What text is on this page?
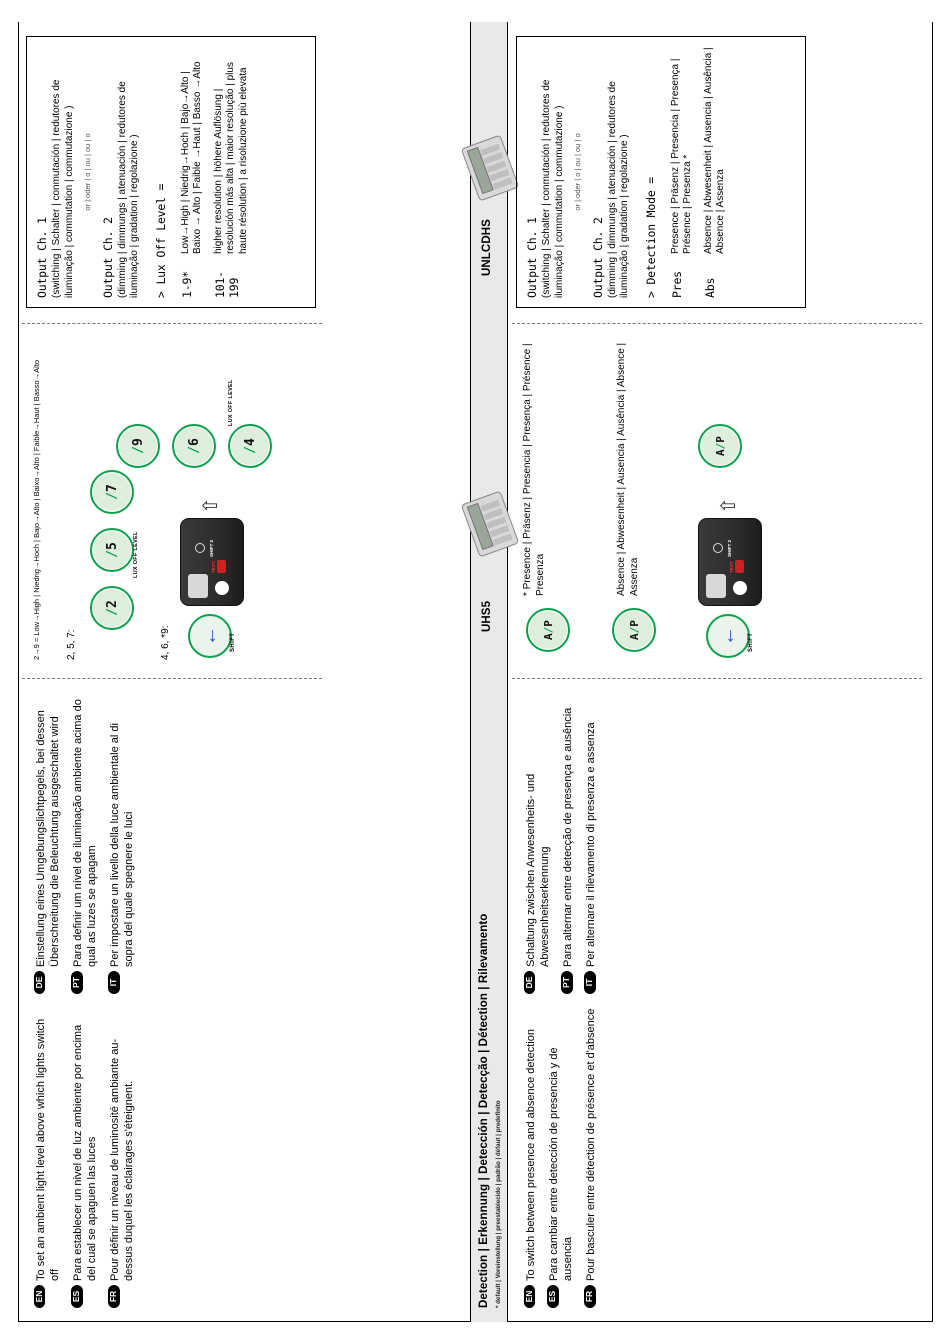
EN
To set an ambient light level above which lights switch off
ES
Para establecer un nivel de luz ambiente por encima del cual se apaguen las luces
FR
Pour définir un niveau de luminosité ambiante au-dessus duquel les éclairages s'éteignent.
DE
Einstellung eines Umgebungslichtpegels, bei dessen Überschreitung die Beleuchtung ausgeschaltet wird
PT
Para definir um nível de iluminação ambiente acima do qual as luzes se apagam
IT
Per impostare un livello della luce ambientale al di sopra del quale spegnere le luci
2→9 = Low→High | Niedrig→Hoch | Bajo→Alto | Baixo→Alto | Faible→Haut | Basso→Alto	2, 5, 7:
/
2
/
5
/
7
LUX OFF LEVEL
4, 6, *9:	←	SHIFT
SHIFT 2
TEST
⇧
/
4
/
6
/
9
LUX OFF LEVEL
Output Ch. 1 (switching | Schalter | conmutación | redutores de iluminação | commutation | commutazione ) or | oder | o | ou | ou | o
Output Ch. 2 (dimming | dimmungs | atenuación | redutores de iluminação | gradation | regolazione ) > Lux Off Level = 1-9*
Low→High | Niedrig→Hoch | Bajo→Alto | Baixo → Alto | Faible →Haut | Basso →Alto
101-199
higher resolution | höhere Auflösung | resolución más alta | maior resolução | plus haute résolution | a risoluzione più elevata
Detection | Erkennung | Detección | Detecção | Détection | Rilevamento * default | Voreinstellung | preestablecido | padrão | défaut | predefinito
UHS5
UNLCDHS
EN
To switch between presence and absence detection
ES
Para cambiar entre detección de presencia y de ausencia
FR
Pour basculer entre détection de présence et d'absence
DE
Schaltung zwischen Anwesenheits- und Abwesenheitserkennung
PT
Para alternar entre detecção de presença e ausência
IT
Per alternare il rilevamento di presenza e assenza
* Presence | Präsenz | Presencia | Presença | Présence | Presenza
A/P
Absence | Abwesenheit | Ausencia | Ausência | Absence | Assenza
A/P
←	SHIFT
SHIFT 2
TEST
⇧
A/P
Output Ch. 1 (switching | Schalter | conmutación | redutores de iluminação | commutation | commutazione ) or | oder | o | ou | ou | o
Output Ch. 2 (dimming | dimmungs | atenuación | redutores de iluminação | gradation | regolazione ) > Detection Mode = Pres
Presence | Präsenz | Presencia | Presença | Présence | Presenza *
Abs
Absence | Abwesenheit | Ausencia | Ausência | Absence | Assenza
